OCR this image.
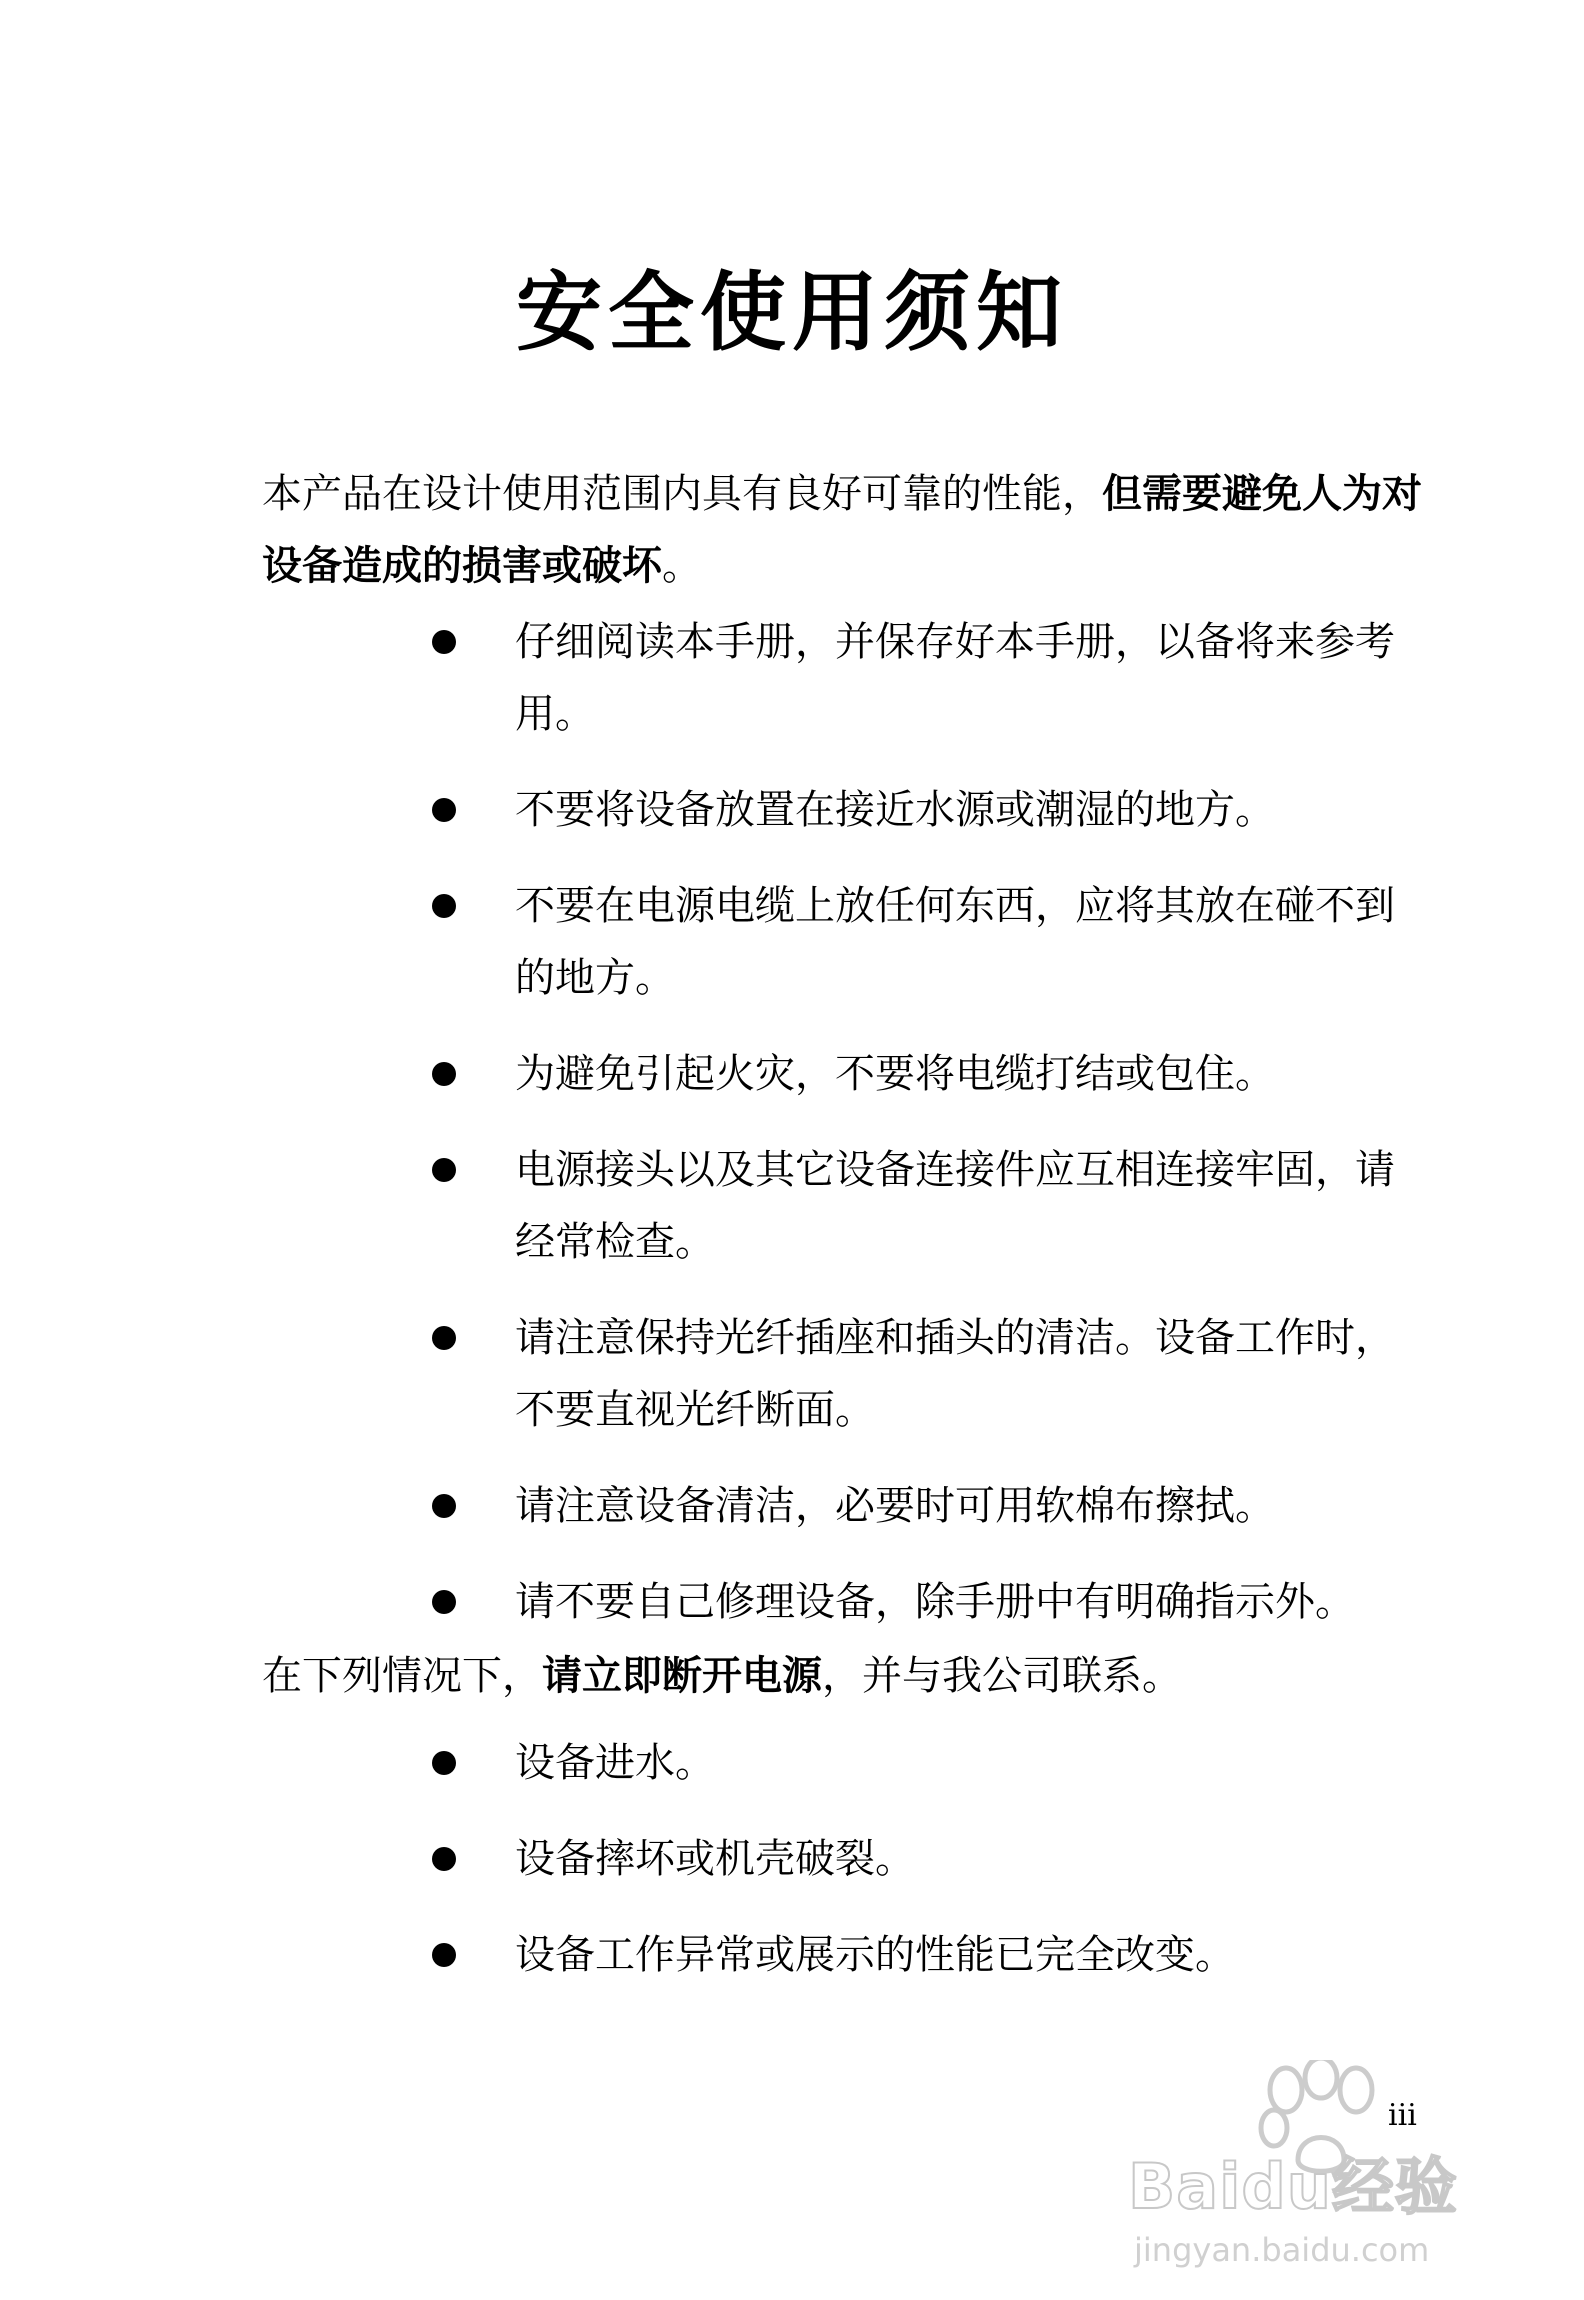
安全使用须知
本产品在设计使用范围内具有良好可靠的性能，但需要避免人为对设备造成的损害或破坏。
仔细阅读本手册，并保存好本手册，以备将来参考用。
不要将设备放置在接近水源或潮湿的地方。
不要在电源电缆上放任何东西，应将其放在碰不到的地方。
为避免引起火灾，不要将电缆打结或包住。
电源接头以及其它设备连接件应互相连接牢固，请经常检查。
请注意保持光纤插座和插头的清洁。设备工作时，不要直视光纤断面。
请注意设备清洁，必要时可用软棉布擦拭。
请不要自己修理设备，除手册中有明确指示外。
在下列情况下，请立即断开电源，并与我公司联系。
设备进水。
设备摔坏或机壳破裂。
设备工作异常或展示的性能已完全改变。
iii
Baidu经验
jingyan.baidu.com
